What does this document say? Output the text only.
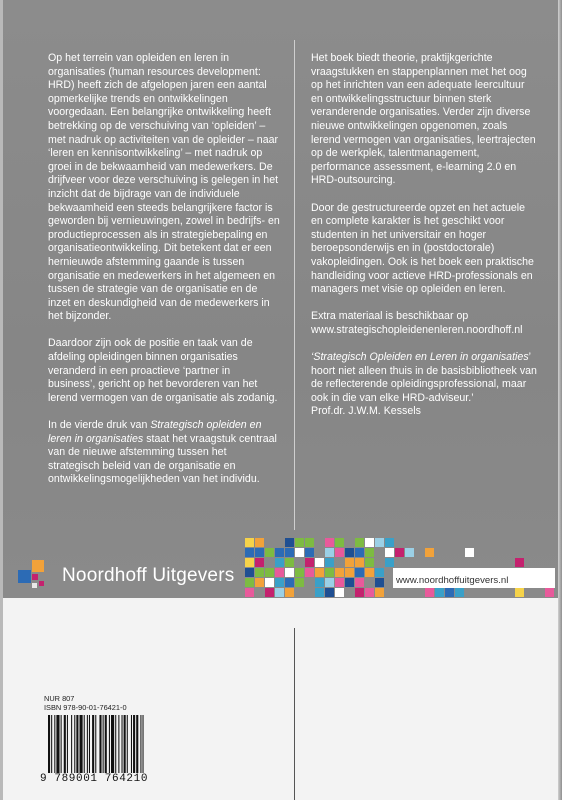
Op het terrein van opleiden en leren in organisaties (human resources development: HRD) heeft zich de afgelopen jaren een aantal opmerkelijke trends en ontwikkelingen voorgedaan. Een belangrijke ontwikkeling heeft betrekking op de verschuiving van ‘opleiden’ – met nadruk op activiteiten van de opleider – naar ‘leren en kennisontwikkeling’ – met nadruk op groei in de bekwaamheid van medewerkers. De drijfveer voor deze verschuiving is gelegen in het inzicht dat de bijdrage van de individuele bekwaamheid een steeds belangrijkere factor is geworden bij vernieuwingen, zowel in bedrijfs- en productieprocessen als in strategiebepaling en organisatieontwikkeling. Dit betekent dat er een hernieuwde afstemming gaande is tussen organisatie en medewerkers in het algemeen en tussen de strategie van de organisatie en de inzet en deskundigheid van de medewerkers in het bijzonder.

Daardoor zijn ook de positie en taak van de afdeling opleidingen binnen organisaties veranderd in een proactieve ‘partner in business’, gericht op het bevorderen van het lerend vermogen van de organisatie als zodanig.

In de vierde druk van Strategisch opleiden en leren in organisaties staat het vraagstuk centraal van de nieuwe afstemming tussen het strategisch beleid van de organisatie en ontwikkelingsmogelijkheden van het individu.

Het boek biedt theorie, praktijkgerichte vraagstukken en stappenplannen met het oog op het inrichten van een adequate leercultuur en ontwikkelingsstructuur binnen sterk veranderende organisaties. Verder zijn diverse nieuwe ontwikkelingen opgenomen, zoals lerend vermogen van organisaties, leertrajecten op de werkplek, talentmanagement, performance assessment, e-learning 2.0 en HRD-outsourcing.

Door de gestructureerde opzet en het actuele en complete karakter is het geschikt voor studenten in het universitair en hoger beroepsonderwijs en in (postdoctorale) vakopleidingen. Ook is het boek een praktische handleiding voor actieve HRD-professionals en managers met visie op opleiden en leren.

Extra materiaal is beschikbaar op
www.strategischopleidenenleren.noordhoff.nl

‘Strategisch Opleiden en Leren in organisaties’ hoort niet alleen thuis in de basisbibliotheek van de reflecterende opleidingsprofessional, maar ook in die van elke HRD-adviseur.’
Prof.dr. J.W.M. Kessels

Noordhoff Uitgevers	www.noordhoffuitgevers.nl
NUR 807
ISBN 978-90-01-76421-0
9 789001 764210
